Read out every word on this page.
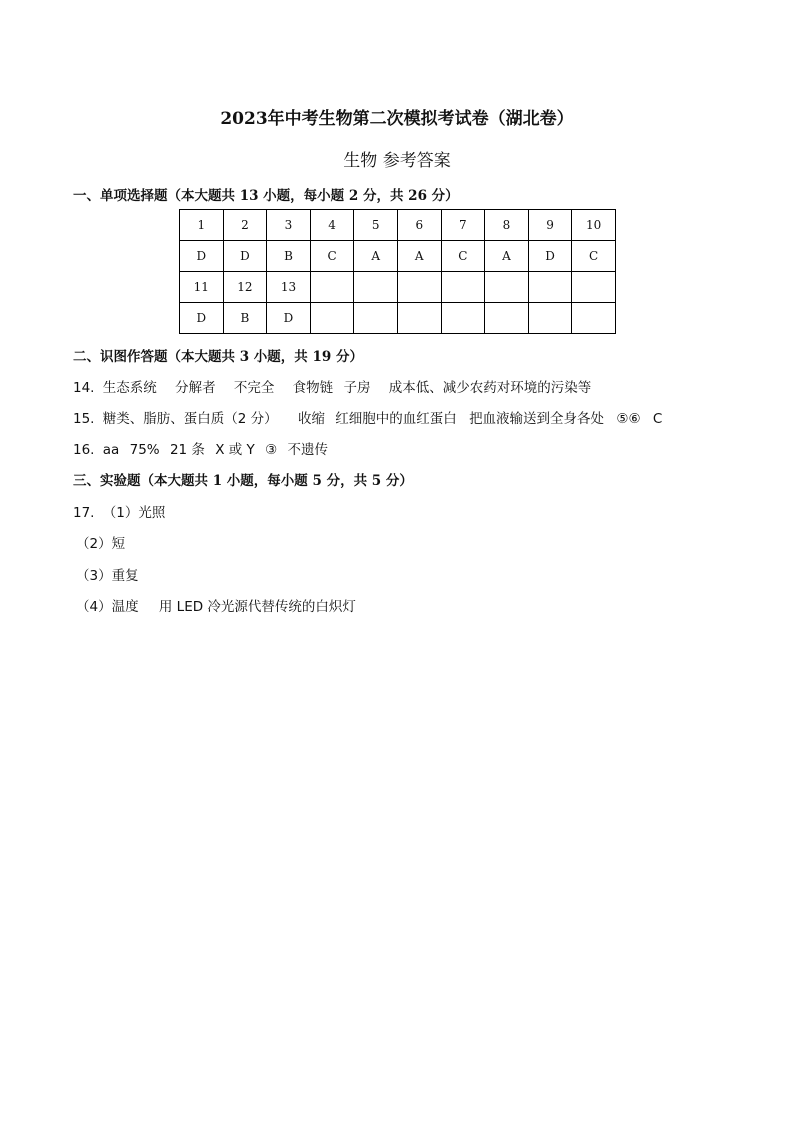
2023年中考生物第二次模拟考试卷（湖北卷）
生物 参考答案
一、单项选择题（本大题共 13 小题，每小题 2 分，共 26 分）
1	2	3	4	5	6	7	8	9	10
D	D	B	C	A	A	C	A	D	C
11	12	13							
D	B	D							
二、识图作答题（本大题共 3 小题，共 19 分）
14. 生态系统 分解者 不完全 食物链 子房 成本低、减少农药对环境的污染等
15. 糖类、脂肪、蛋白质（2 分） 收缩 红细胞中的血红蛋白 把血液输送到全身各处 ⑤⑥ C
16. aa 75% 21 条 X 或 Y ③ 不遗传
三、实验题（本大题共 1 小题，每小题 5 分，共 5 分）
17. （1）光照
（2）短
（3）重复
（4）温度 用 LED 冷光源代替传统的白炽灯
